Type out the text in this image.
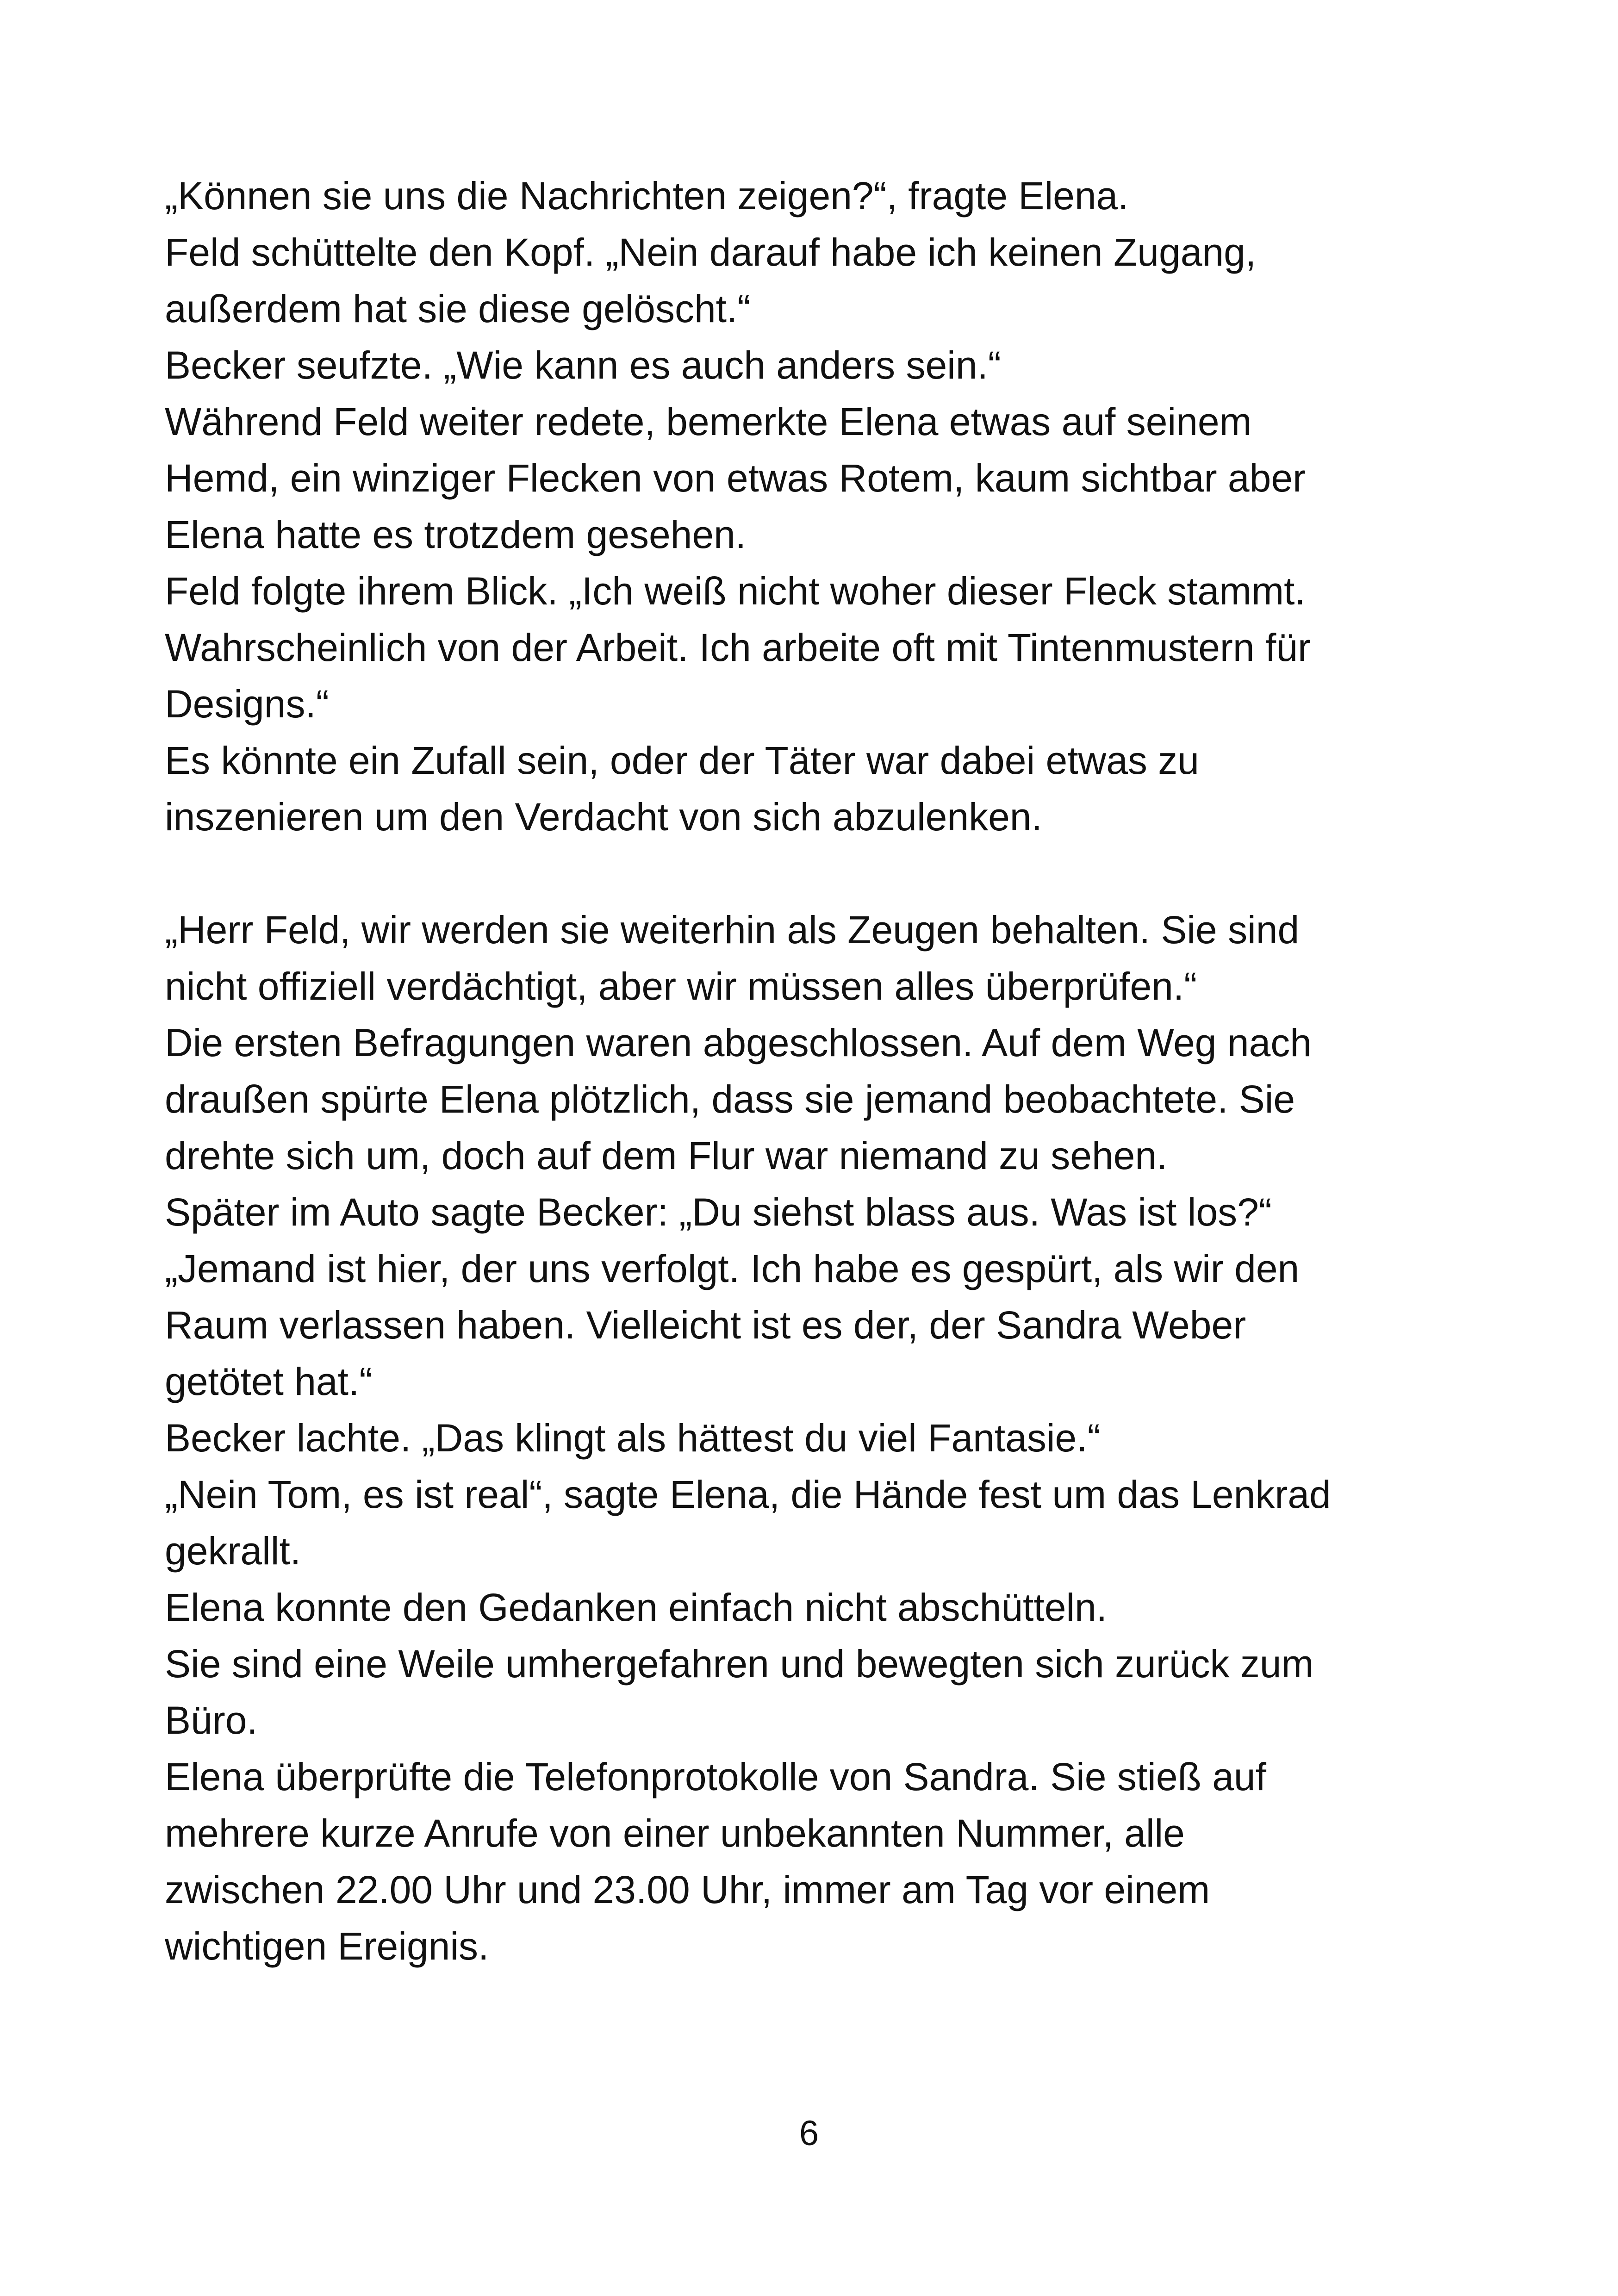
„Können sie uns die Nachrichten zeigen?“, fragte Elena.
Feld schüttelte den Kopf. „Nein darauf habe ich keinen Zugang,
außerdem hat sie diese gelöscht.“
Becker seufzte. „Wie kann es auch anders sein.“
Während Feld weiter redete, bemerkte Elena etwas auf seinem
Hemd, ein winziger Flecken von etwas Rotem, kaum sichtbar aber
Elena hatte es trotzdem gesehen.
Feld folgte ihrem Blick. „Ich weiß nicht woher dieser Fleck stammt.
Wahrscheinlich von der Arbeit. Ich arbeite oft mit Tintenmustern für
Designs.“
Es könnte ein Zufall sein, oder der Täter war dabei etwas zu
inszenieren um den Verdacht von sich abzulenken.
„Herr Feld, wir werden sie weiterhin als Zeugen behalten. Sie sind
nicht offiziell verdächtigt, aber wir müssen alles überprüfen.“
Die ersten Befragungen waren abgeschlossen. Auf dem Weg nach
draußen spürte Elena plötzlich, dass sie jemand beobachtete. Sie
drehte sich um, doch auf dem Flur war niemand zu sehen.
Später im Auto sagte Becker: „Du siehst blass aus. Was ist los?“
„Jemand ist hier, der uns verfolgt. Ich habe es gespürt, als wir den
Raum verlassen haben. Vielleicht ist es der, der Sandra Weber
getötet hat.“
Becker lachte. „Das klingt als hättest du viel Fantasie.“
„Nein Tom, es ist real“, sagte Elena, die Hände fest um das Lenkrad
gekrallt.
Elena konnte den Gedanken einfach nicht abschütteln.
Sie sind eine Weile umhergefahren und bewegten sich zurück zum
Büro.
Elena überprüfte die Telefonprotokolle von Sandra. Sie stieß auf
mehrere kurze Anrufe von einer unbekannten Nummer, alle
zwischen 22.00 Uhr und 23.00 Uhr, immer am Tag vor einem
wichtigen Ereignis.
6
